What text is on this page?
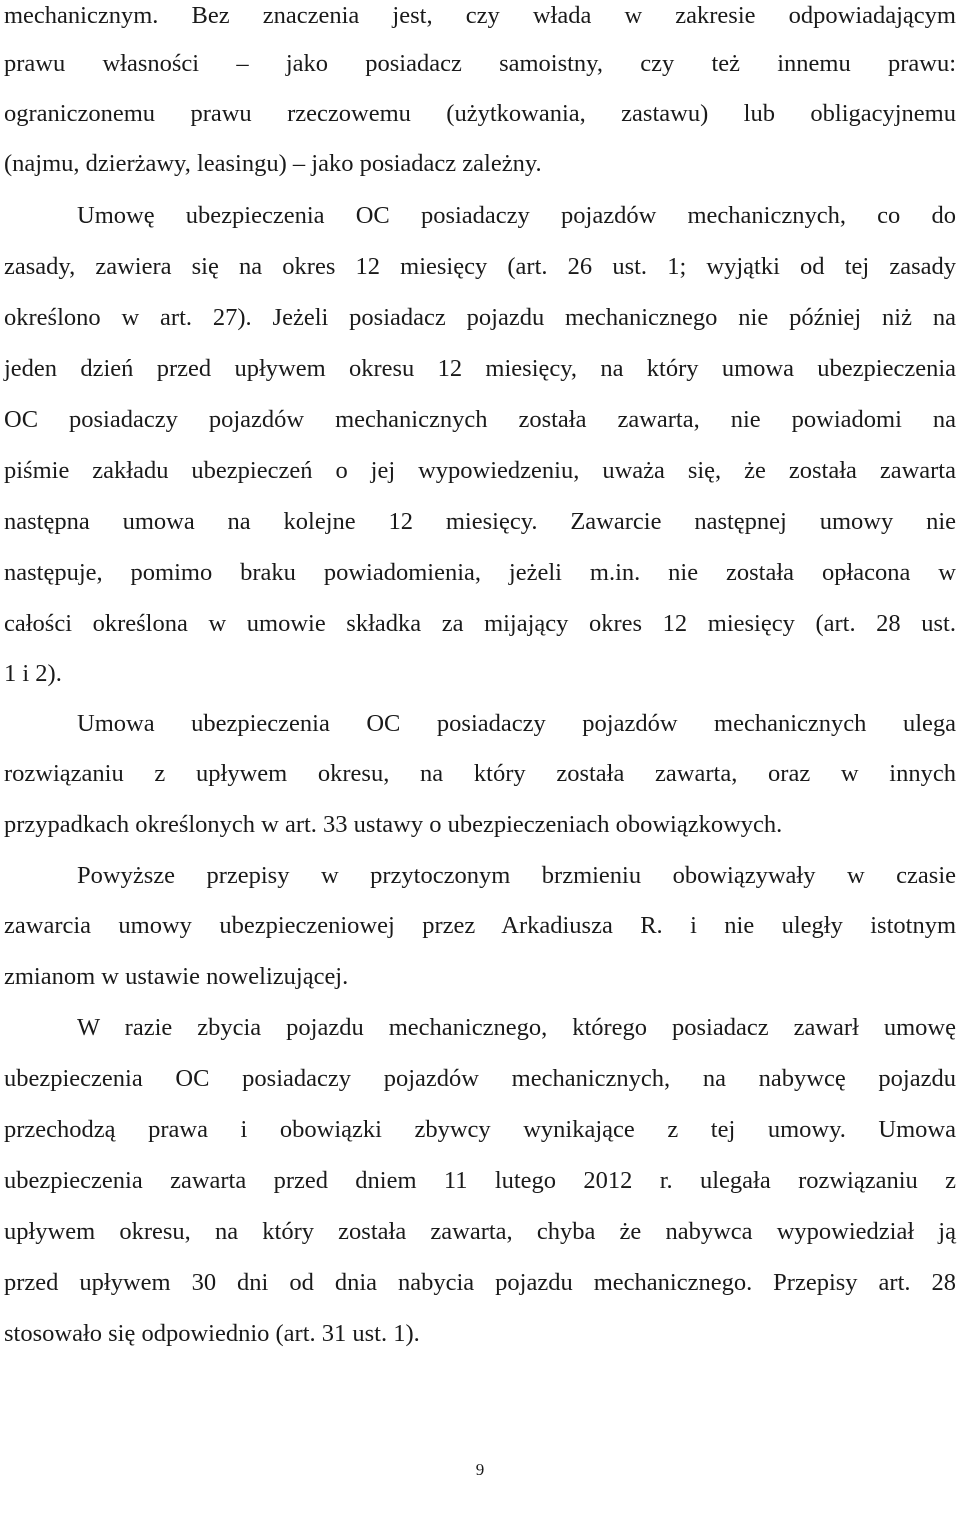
mechanicznym. Bez znaczenia jest, czy włada w zakresie odpowiadającym
prawu własności – jako posiadacz samoistny, czy też innemu prawu:
ograniczonemu prawu rzeczowemu (użytkowania, zastawu) lub obligacyjnemu
(najmu, dzierżawy, leasingu) – jako posiadacz zależny.
Umowę ubezpieczenia OC posiadaczy pojazdów mechanicznych, co do
zasady, zawiera się na okres 12 miesięcy (art. 26 ust. 1; wyjątki od tej zasady
określono w art. 27). Jeżeli posiadacz pojazdu mechanicznego nie później niż na
jeden dzień przed upływem okresu 12 miesięcy, na który umowa ubezpieczenia
OC posiadaczy pojazdów mechanicznych została zawarta, nie powiadomi na
piśmie zakładu ubezpieczeń o jej wypowiedzeniu, uważa się, że została zawarta
następna umowa na kolejne 12 miesięcy. Zawarcie następnej umowy nie
następuje, pomimo braku powiadomienia, jeżeli m.in. nie została opłacona w
całości określona w umowie składka za mijający okres 12 miesięcy (art. 28 ust.
1 i 2).
Umowa ubezpieczenia OC posiadaczy pojazdów mechanicznych ulega
rozwiązaniu z upływem okresu, na który została zawarta, oraz w innych
przypadkach określonych w art. 33 ustawy o ubezpieczeniach obowiązkowych.
Powyższe przepisy w przytoczonym brzmieniu obowiązywały w czasie
zawarcia umowy ubezpieczeniowej przez Arkadiusza R. i nie uległy istotnym
zmianom w ustawie nowelizującej.
W razie zbycia pojazdu mechanicznego, którego posiadacz zawarł umowę
ubezpieczenia OC posiadaczy pojazdów mechanicznych, na nabywcę pojazdu
przechodzą prawa i obowiązki zbywcy wynikające z tej umowy. Umowa
ubezpieczenia zawarta przed dniem 11 lutego 2012 r. ulegała rozwiązaniu z
upływem okresu, na który została zawarta, chyba że nabywca wypowiedział ją
przed upływem 30 dni od dnia nabycia pojazdu mechanicznego. Przepisy art. 28
stosowało się odpowiednio (art. 31 ust. 1).
9
